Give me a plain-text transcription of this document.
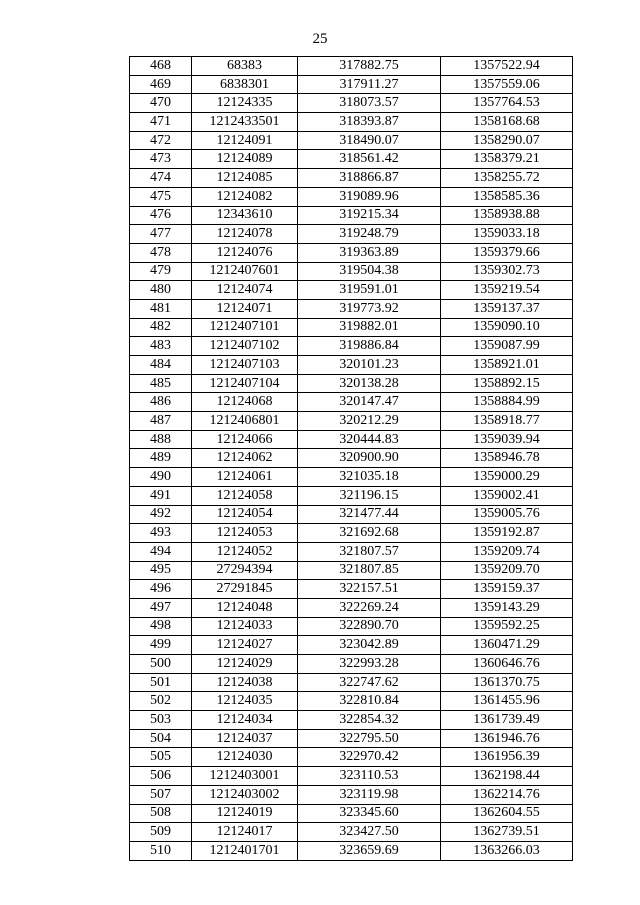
25
468	68383	317882.75	1357522.94
469	6838301	317911.27	1357559.06
470	12124335	318073.57	1357764.53
471	1212433501	318393.87	1358168.68
472	12124091	318490.07	1358290.07
473	12124089	318561.42	1358379.21
474	12124085	318866.87	1358255.72
475	12124082	319089.96	1358585.36
476	12343610	319215.34	1358938.88
477	12124078	319248.79	1359033.18
478	12124076	319363.89	1359379.66
479	1212407601	319504.38	1359302.73
480	12124074	319591.01	1359219.54
481	12124071	319773.92	1359137.37
482	1212407101	319882.01	1359090.10
483	1212407102	319886.84	1359087.99
484	1212407103	320101.23	1358921.01
485	1212407104	320138.28	1358892.15
486	12124068	320147.47	1358884.99
487	1212406801	320212.29	1358918.77
488	12124066	320444.83	1359039.94
489	12124062	320900.90	1358946.78
490	12124061	321035.18	1359000.29
491	12124058	321196.15	1359002.41
492	12124054	321477.44	1359005.76
493	12124053	321692.68	1359192.87
494	12124052	321807.57	1359209.74
495	27294394	321807.85	1359209.70
496	27291845	322157.51	1359159.37
497	12124048	322269.24	1359143.29
498	12124033	322890.70	1359592.25
499	12124027	323042.89	1360471.29
500	12124029	322993.28	1360646.76
501	12124038	322747.62	1361370.75
502	12124035	322810.84	1361455.96
503	12124034	322854.32	1361739.49
504	12124037	322795.50	1361946.76
505	12124030	322970.42	1361956.39
506	1212403001	323110.53	1362198.44
507	1212403002	323119.98	1362214.76
508	12124019	323345.60	1362604.55
509	12124017	323427.50	1362739.51
510	1212401701	323659.69	1363266.03
